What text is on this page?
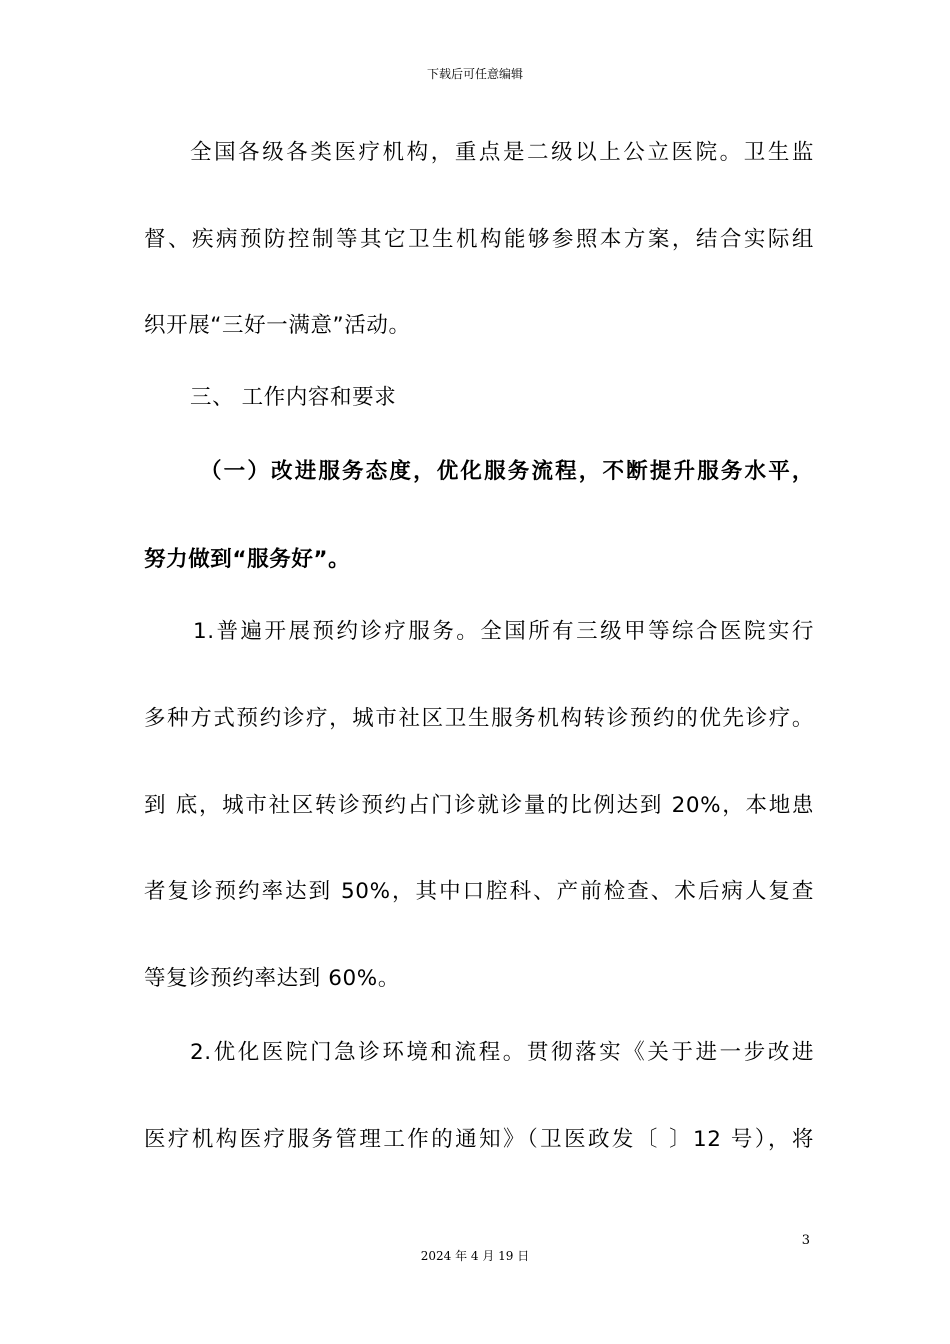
下载后可任意编辑
全国各级各类医疗机构，重点是二级以上公立医院。卫生监
督、疾病预防控制等其它卫生机构能够参照本方案，结合实际组
织开展“三好一满意”活动。
三、 工作内容和要求
（一）改进服务态度，优化服务流程，不断提升服务水平，
努力做到“服务好”。
1.普遍开展预约诊疗服务。全国所有三级甲等综合医院实行
多种方式预约诊疗，城市社区卫生服务机构转诊预约的优先诊疗。
到 底，城市社区转诊预约占门诊就诊量的比例达到 20%，本地患
者复诊预约率达到 50%，其中口腔科、产前检查、术后病人复查
等复诊预约率达到 60%。
2.优化医院门急诊环境和流程。贯彻落实《关于进一步改进
医疗机构医疗服务管理工作的通知》（卫医政发〔 〕12 号），将
3
2024 年 4 月 19 日
